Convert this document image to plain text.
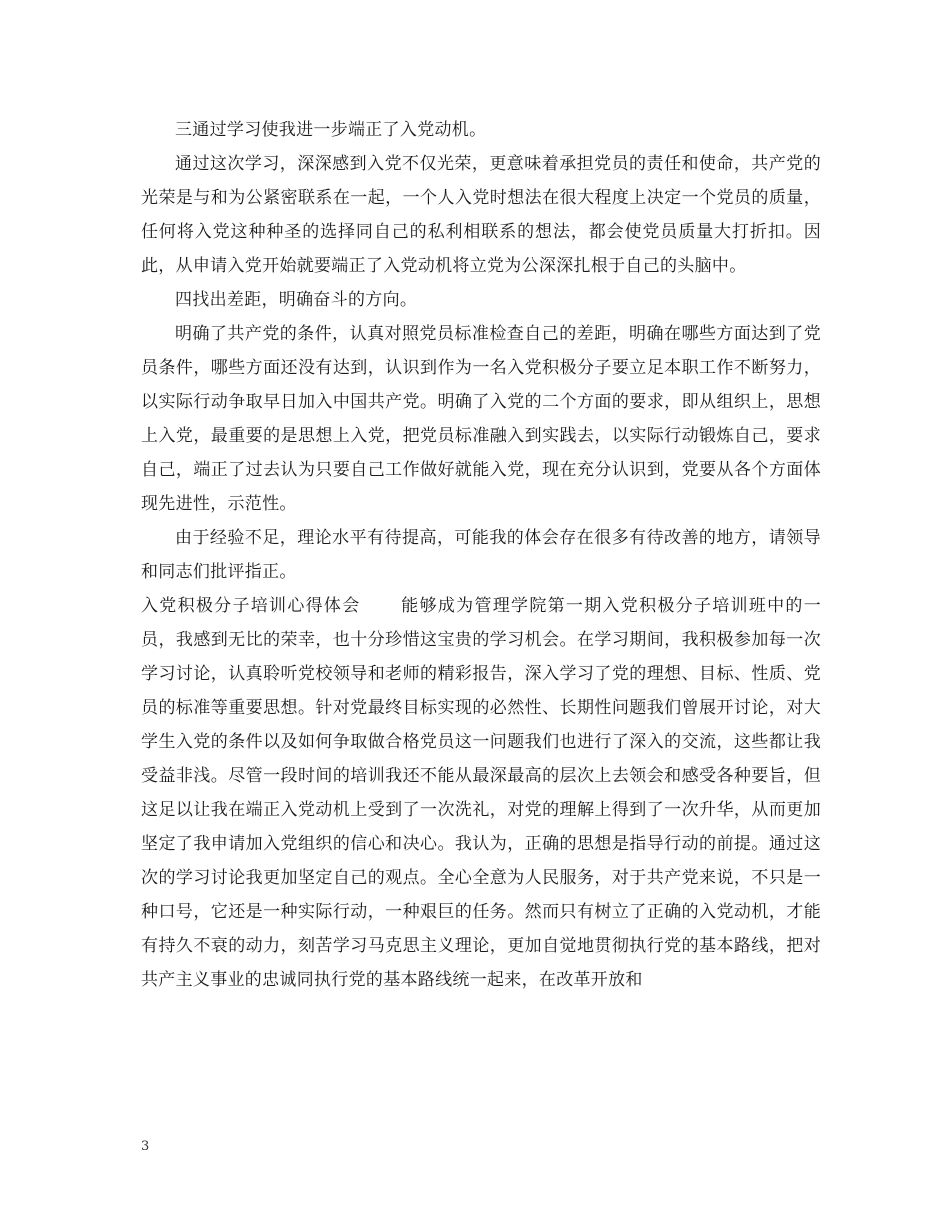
三通过学习使我进一步端正了入党动机。

通过这次学习，深深感到入党不仅光荣，更意味着承担党员的责任和使命，共产党的光荣是与和为公紧密联系在一起，一个人入党时想法在很大程度上决定一个党员的质量，任何将入党这种种圣的选择同自己的私利相联系的想法，都会使党员质量大打折扣。因此，从申请入党开始就要端正了入党动机将立党为公深深扎根于自己的头脑中。

四找出差距，明确奋斗的方向。

明确了共产党的条件，认真对照党员标准检查自己的差距，明确在哪些方面达到了党员条件，哪些方面还没有达到，认识到作为一名入党积极分子要立足本职工作不断努力，以实际行动争取早日加入中国共产党。明确了入党的二个方面的要求，即从组织上，思想上入党，最重要的是思想上入党，把党员标准融入到实践去，以实际行动锻炼自己，要求自己，端正了过去认为只要自己工作做好就能入党，现在充分认识到，党要从各个方面体现先进性，示范性。

由于经验不足，理论水平有待提高，可能我的体会存在很多有待改善的地方，请领导和同志们批评指正。

入党积极分子培训心得体会 能够成为管理学院第一期入党积极分子培训班中的一员，我感到无比的荣幸，也十分珍惜这宝贵的学习机会。在学习期间，我积极参加每一次学习讨论，认真聆听党校领导和老师的精彩报告，深入学习了党的理想、目标、性质、党员的标准等重要思想。针对党最终目标实现的必然性、长期性问题我们曾展开讨论，对大学生入党的条件以及如何争取做合格党员这一问题我们也进行了深入的交流，这些都让我受益非浅。尽管一段时间的培训我还不能从最深最高的层次上去领会和感受各种要旨，但这足以让我在端正入党动机上受到了一次洗礼，对党的理解上得到了一次升华，从而更加坚定了我申请加入党组织的信心和决心。我认为，正确的思想是指导行动的前提。通过这次的学习讨论我更加坚定自己的观点。全心全意为人民服务，对于共产党来说，不只是一种口号，它还是一种实际行动，一种艰巨的任务。然而只有树立了正确的入党动机，才能有持久不衰的动力，刻苦学习马克思主义理论，更加自觉地贯彻执行党的基本路线，把对共产主义事业的忠诚同执行党的基本路线统一起来，在改革开放和

3
